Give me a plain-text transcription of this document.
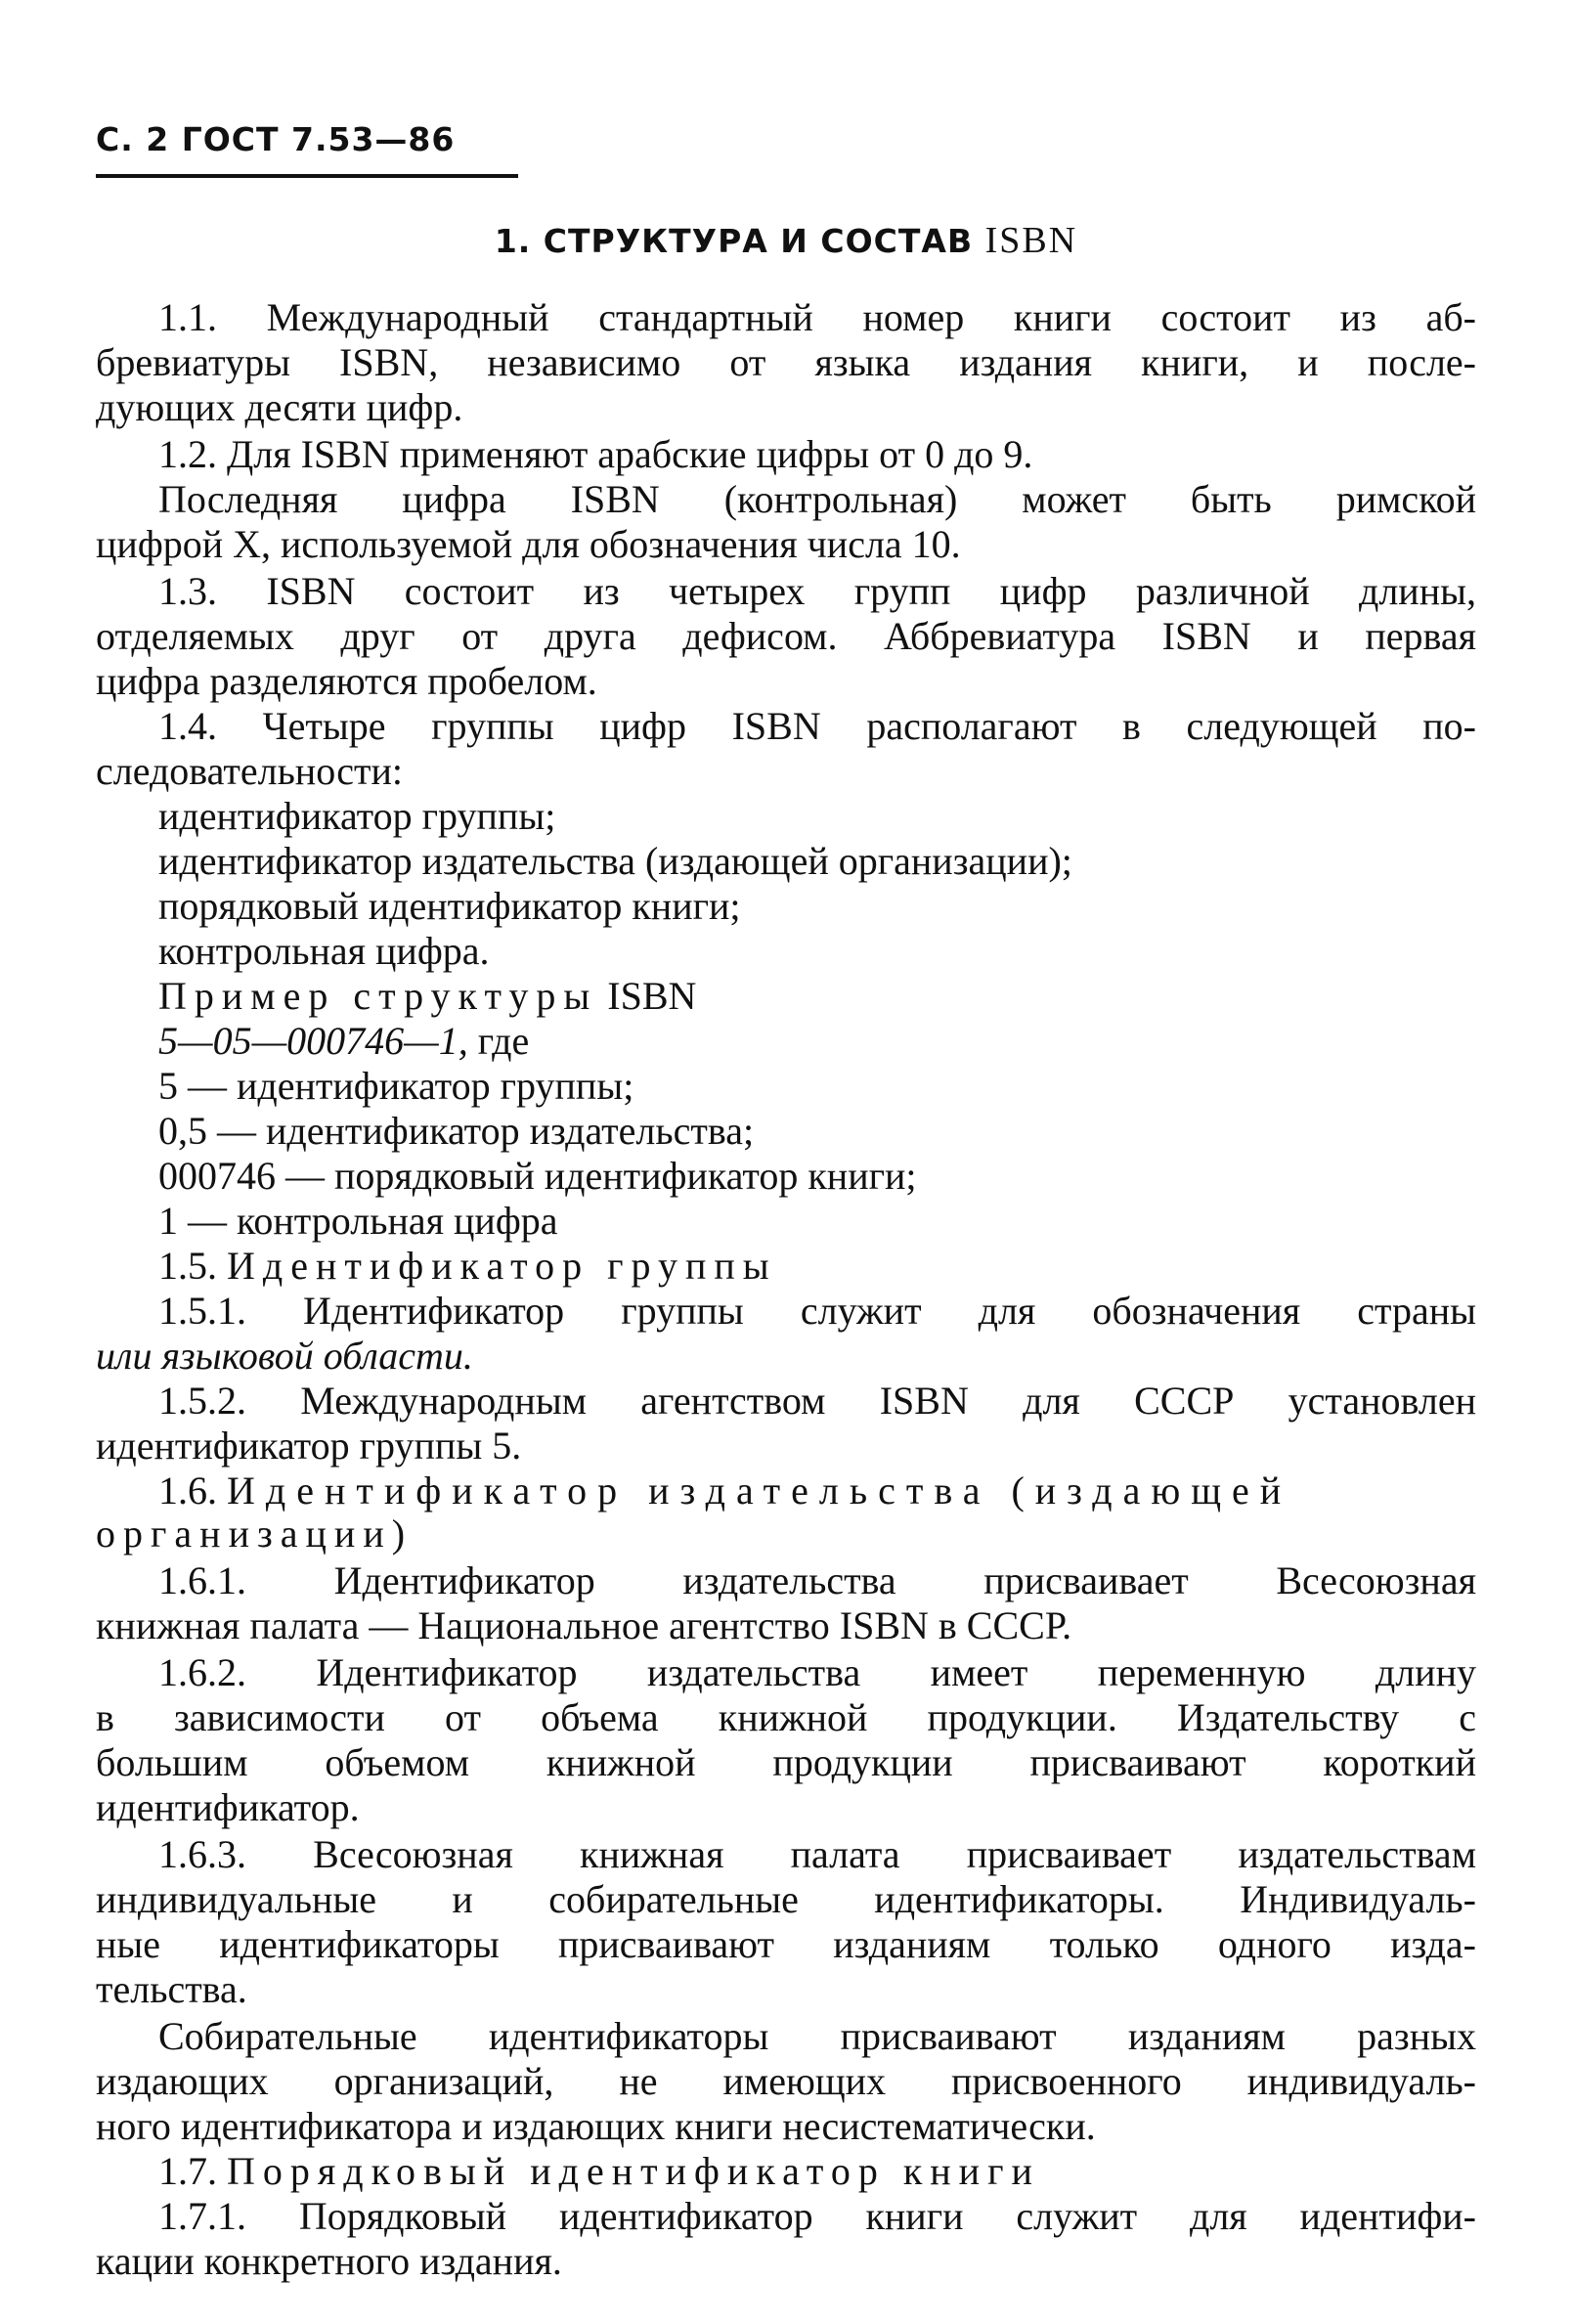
С. 2 ГОСТ 7.53—86
1. СТРУКТУРА И СОСТАВ ISBN
1.1. Международный стандартный номер книги состоит из аб-
бревиатуры ISBN, независимо от языка издания книги, и после-
дующих десяти цифр.
1.2. Для ISBN применяют арабские цифры от 0 до 9.
Последняя цифра ISBN (контрольная) может быть римской
цифрой X, используемой для обозначения числа 10.
1.3. ISBN состоит из четырех групп цифр различной длины,
отделяемых друг от друга дефисом. Аббревиатура ISBN и первая
цифра разделяются пробелом.
1.4. Четыре группы цифр ISBN располагают в следующей по-
следовательности:
идентификатор группы;
идентификатор издательства (издающей организации);
порядковый идентификатор книги;
контрольная цифра.
Пример структуры ISBN
5—05—000746—1, где
5 — идентификатор группы;
0,5 — идентификатор издательства;
000746 — порядковый идентификатор книги;
1 — контрольная цифра
1.5. Идентификатор группы
1.5.1. Идентификатор группы служит для обозначения страны
или языковой области.
1.5.2. Международным агентством ISBN для СССР установлен
идентификатор группы 5.
1.6. Идентификатор издательства (издающей
организации)
1.6.1. Идентификатор издательства присваивает Всесоюзная
книжная палата — Национальное агентство ISBN в СССР.
1.6.2. Идентификатор издательства имеет переменную длину
в зависимости от объема книжной продукции. Издательству с
большим объемом книжной продукции присваивают короткий
идентификатор.
1.6.3. Всесоюзная книжная палата присваивает издательствам
индивидуальные и собирательные идентификаторы. Индивидуаль-
ные идентификаторы присваивают изданиям только одного изда-
тельства.
Собирательные идентификаторы присваивают изданиям разных
издающих организаций, не имеющих присвоенного индивидуаль-
ного идентификатора и издающих книги несистематически.
1.7. Порядковый идентификатор книги
1.7.1. Порядковый идентификатор книги служит для идентифи-
кации конкретного издания.
